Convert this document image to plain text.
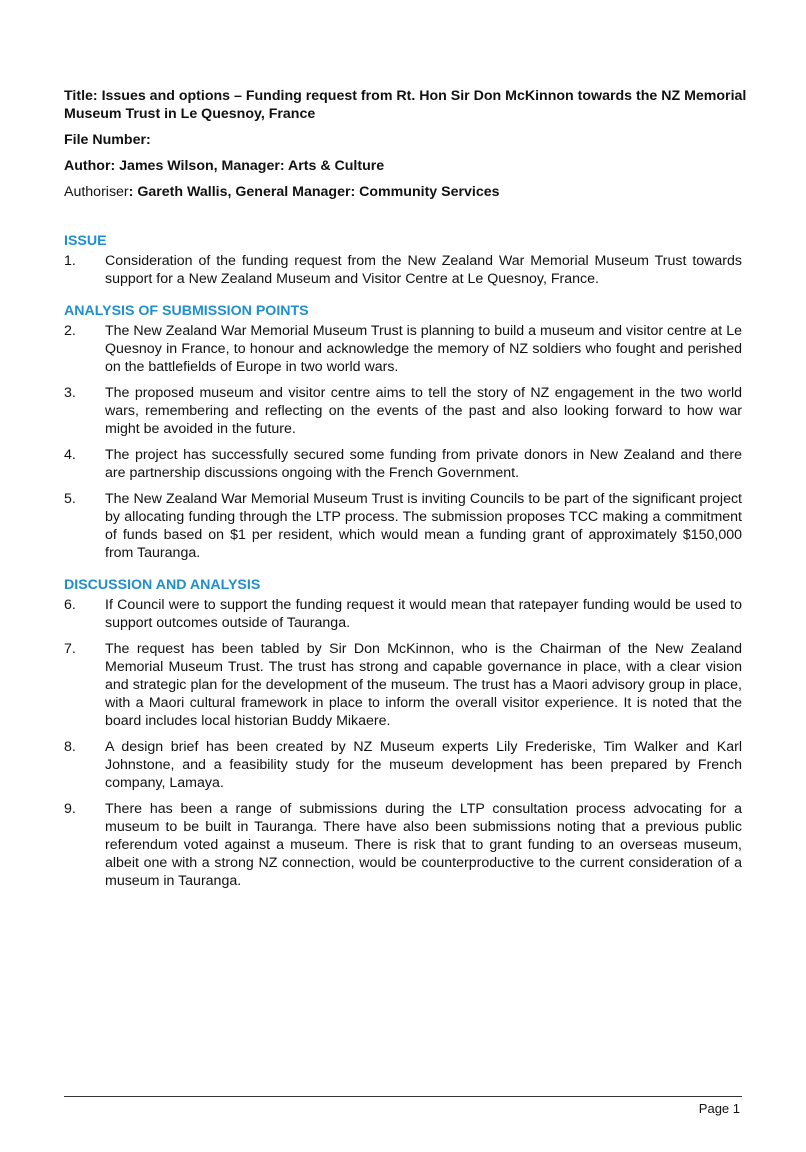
Title: Issues and options – Funding request from Rt. Hon Sir Don McKinnon towards the NZ Memorial Museum Trust in Le Quesnoy, France

File Number:

Author: James Wilson, Manager: Arts & Culture

Authoriser: Gareth Wallis, General Manager: Community Services

ISSUE
1.	Consideration of the funding request from the New Zealand War Memorial Museum Trust towards support for a New Zealand Museum and Visitor Centre at Le Quesnoy, France.
ANALYSIS OF SUBMISSION POINTS
2.	The New Zealand War Memorial Museum Trust is planning to build a museum and visitor centre at Le Quesnoy in France, to honour and acknowledge the memory of NZ soldiers who fought and perished on the battlefields of Europe in two world wars.
3.	The proposed museum and visitor centre aims to tell the story of NZ engagement in the two world wars, remembering and reflecting on the events of the past and also looking forward to how war might be avoided in the future.
4.	The project has successfully secured some funding from private donors in New Zealand and there are partnership discussions ongoing with the French Government.
5.	The New Zealand War Memorial Museum Trust is inviting Councils to be part of the significant project by allocating funding through the LTP process. The submission proposes TCC making a commitment of funds based on $1 per resident, which would mean a funding grant of approximately $150,000 from Tauranga.
DISCUSSION AND ANALYSIS
6.	If Council were to support the funding request it would mean that ratepayer funding would be used to support outcomes outside of Tauranga.
7.	The request has been tabled by Sir Don McKinnon, who is the Chairman of the New Zealand Memorial Museum Trust. The trust has strong and capable governance in place, with a clear vision and strategic plan for the development of the museum. The trust has a Maori advisory group in place, with a Maori cultural framework in place to inform the overall visitor experience. It is noted that the board includes local historian Buddy Mikaere.
8.	A design brief has been created by NZ Museum experts Lily Frederiske, Tim Walker and Karl Johnstone, and a feasibility study for the museum development has been prepared by French company, Lamaya.
9.	There has been a range of submissions during the LTP consultation process advocating for a museum to be built in Tauranga. There have also been submissions noting that a previous public referendum voted against a museum. There is risk that to grant funding to an overseas museum, albeit one with a strong NZ connection, would be counterproductive to the current consideration of a museum in Tauranga.
Page 1
